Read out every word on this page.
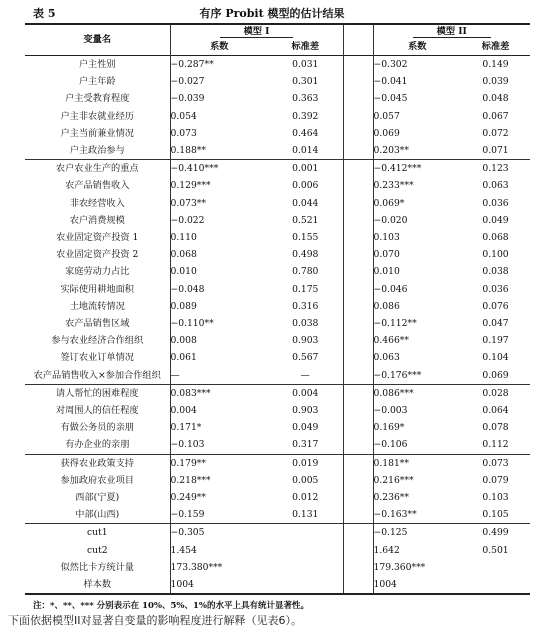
表 5	有序 Probit 模型的估计结果
变量名	模型 I			模型 II	
	系数	标准差		系数	标准差
户主性别	−0.287**	0.031		−0.302	0.149
户主年龄	−0.027	0.301		−0.041	0.039
户主受教育程度	−0.039	0.363		−0.045	0.048
户主非农就业经历	0.054	0.392		0.057	0.067
户主当前兼业情况	0.073	0.464		0.069	0.072
户主政治参与	0.188**	0.014		0.203**	0.071
农户农业生产的重点	−0.410***	0.001		−0.412***	0.123
农产品销售收入	0.129***	0.006		0.233***	0.063
非农经营收入	0.073**	0.044		0.069*	0.036
农户消费规模	−0.022	0.521		−0.020	0.049
农业固定资产投资 1	0.110	0.155		0.103	0.068
农业固定资产投资 2	0.068	0.498		0.070	0.100
家庭劳动力占比	0.010	0.780		0.010	0.038
实际使用耕地面积	−0.048	0.175		−0.046	0.036
土地流转情况	0.089	0.316		0.086	0.076
农产品销售区域	−0.110**	0.038		−0.112**	0.047
参与农业经济合作组织	0.008	0.903		0.466**	0.197
签订农业订单情况	0.061	0.567		0.063	0.104
农产品销售收入×参加合作组织	—	—		−0.176***	0.069
请人帮忙的困难程度	0.083***	0.004		0.086***	0.028
对周围人的信任程度	0.004	0.903		−0.003	0.064
有做公务员的亲朋	0.171*	0.049		0.169*	0.078
有办企业的亲朋	−0.103	0.317		−0.106	0.112
获得农业政策支持	0.179**	0.019		0.181**	0.073
参加政府农业项目	0.218***	0.005		0.216***	0.079
西部(宁夏)	0.249**	0.012		0.236**	0.103
中部(山西)	−0.159	0.131		−0.163**	0.105
cut1	−0.305			−0.125	0.499
cut2	1.454			1.642	0.501
似然比卡方统计量	173.380***			179.360***	
样本数	1004			1004	
注：*、**、*** 分别表示在 10%、5%、1%的水平上具有统计显著性。
下面依据模型II对显著自变量的影响程度进行解释（见表6）。
